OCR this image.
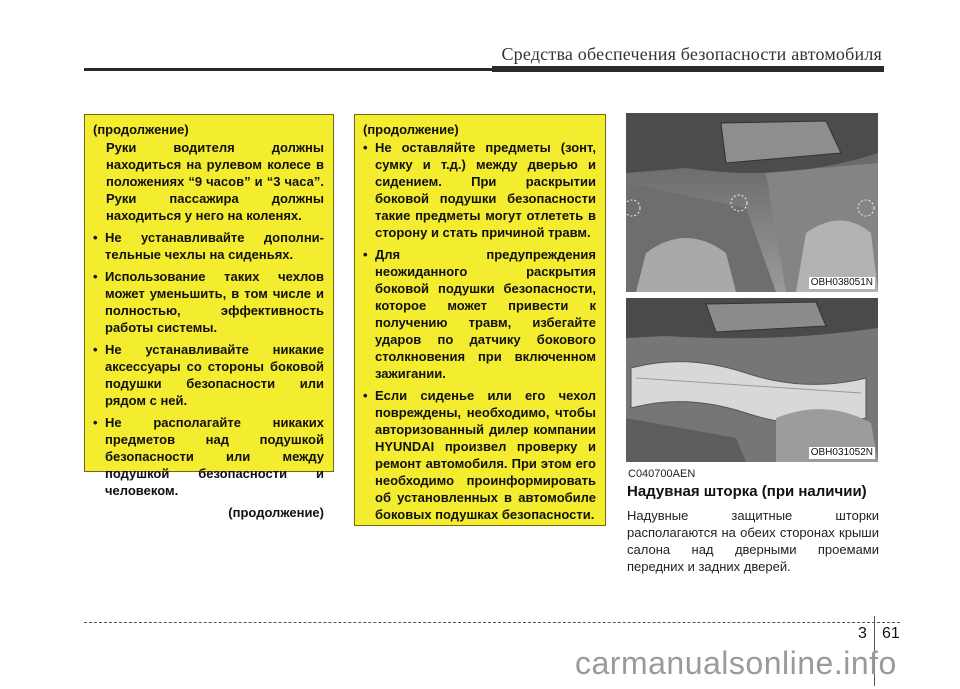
Средства обеспечения безопасности автомобиля
(продолжение)
Руки водителя должны находиться на рулевом колесе в положениях “9 часов” и “3 часа”. Руки пассажира должны находиться у него на коленях.
• Не устанавливайте дополни-тельные чехлы на сиденьях.
• Использование таких чехлов может уменьшить, в том числе и полностью, эффективность работы системы.
• Не устанавливайте никакие аксессуары со стороны боковой подушки безопасности или рядом с ней.
• Не располагайте никаких предметов над подушкой безопасности или между подушкой безопасности и человеком.
(продолжение)
(продолжение)
• Не оставляйте предметы (зонт, сумку и т.д.) между дверью и сидением. При раскрытии боковой подушки безопасности такие предметы могут отлететь в сторону и стать причиной травм.
• Для предупреждения неожиданного раскрытия боковой подушки безопасности, которое может привести к получению травм, избегайте ударов по датчику бокового столкновения при включенном зажигании.
• Если сиденье или его чехол повреждены, необходимо, чтобы авторизованный дилер компании HYUNDAI произвел проверку и ремонт автомобиля. При этом его необходимо проинформировать об установленных в автомобиле боковых подушках безопасности.
OBH038051N
OBH031052N
C040700AEN
Надувная шторка (при наличии)
Надувные защитные шторки располагаются на обеих сторонах крыши салона над дверными проемами передних и задних дверей.
3 61
carmanualsonline.info
